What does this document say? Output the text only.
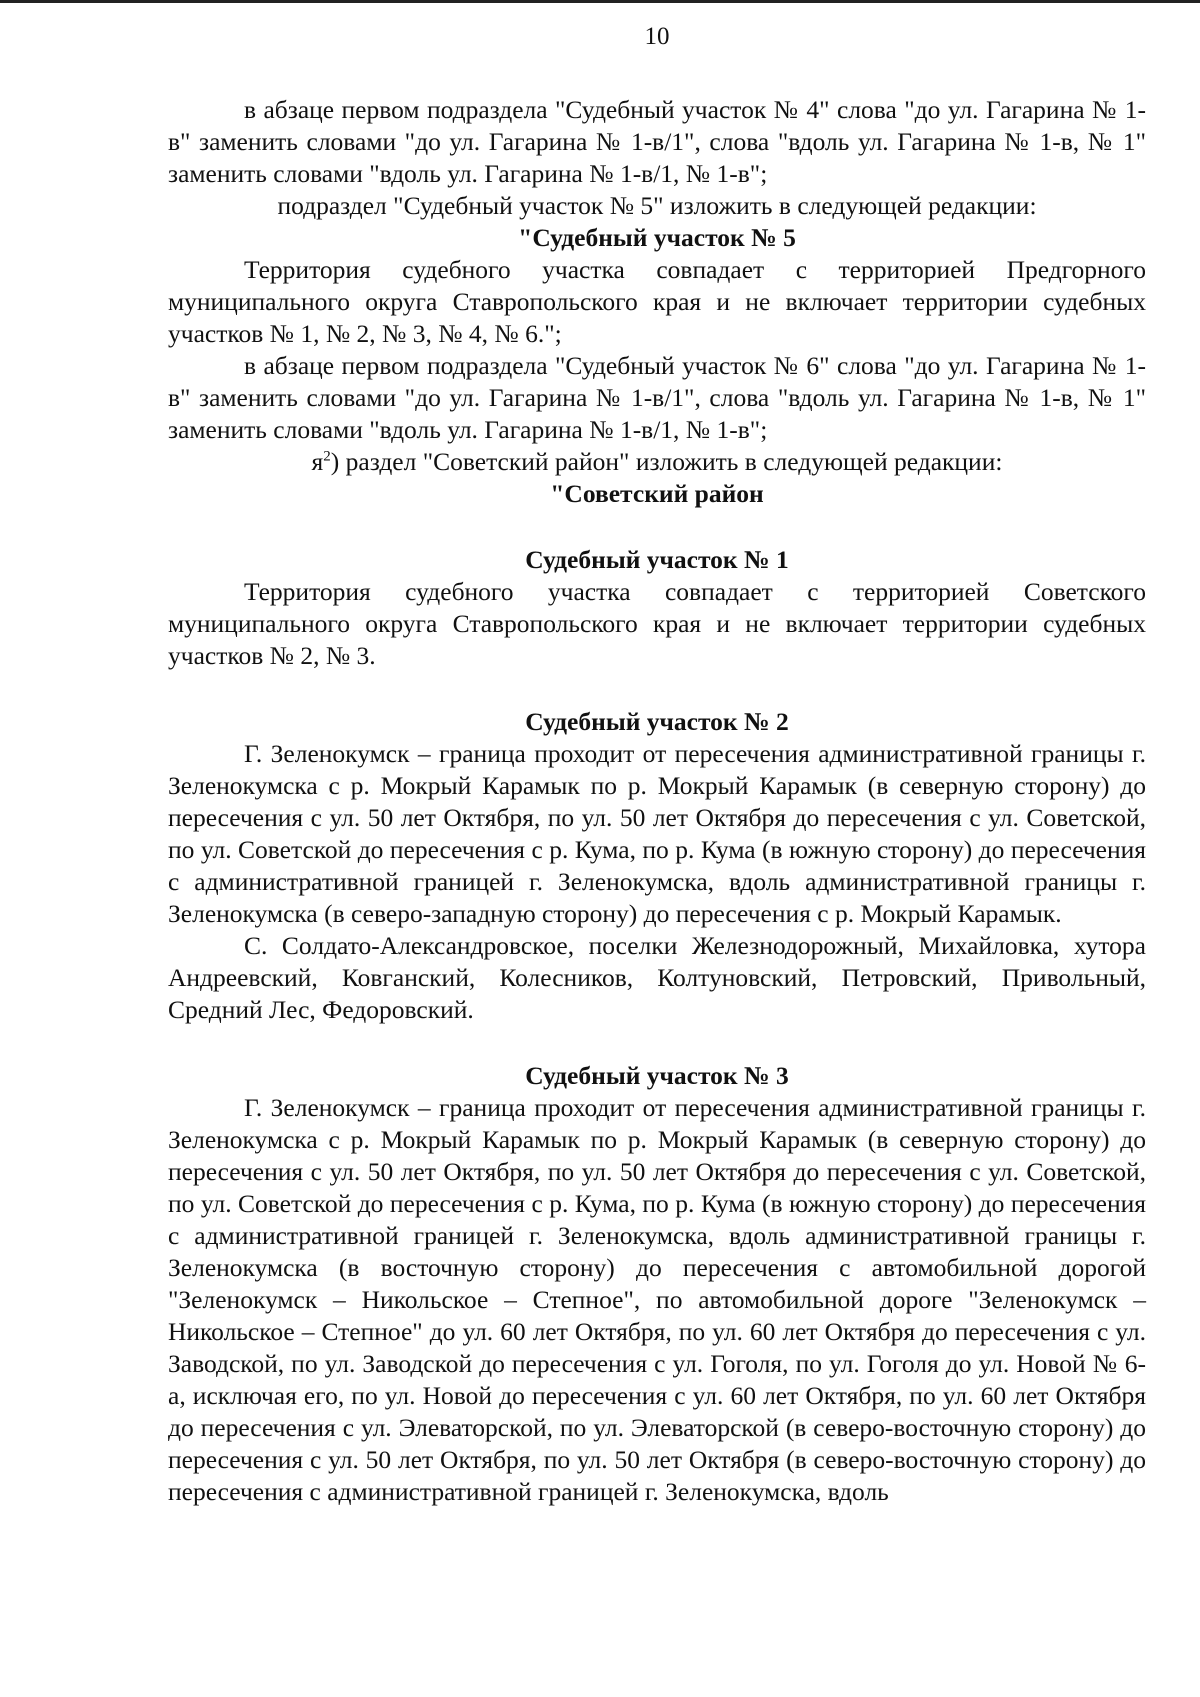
10

в абзаце первом подраздела "Судебный участок № 4" слова "до ул. Гагарина № 1-в" заменить словами "до ул. Гагарина № 1-в/1", слова "вдоль ул. Гагарина № 1-в, № 1" заменить словами "вдоль ул. Гагарина № 1-в/1, № 1-в";

подраздел "Судебный участок № 5" изложить в следующей редакции:

"Судебный участок № 5

Территория судебного участка совпадает с территорией Предгорного муниципального округа Ставропольского края и не включает территории судебных участков № 1, № 2, № 3, № 4, № 6.";

в абзаце первом подраздела "Судебный участок № 6" слова "до ул. Гагарина № 1-в" заменить словами "до ул. Гагарина № 1-в/1", слова "вдоль ул. Гагарина № 1-в, № 1" заменить словами "вдоль ул. Гагарина № 1-в/1, № 1-в";

$я^2$) раздел "Советский район" изложить в следующей редакции:

"Советский район
Судебный участок № 1

Территория судебного участка совпадает с территорией Советского муниципального округа Ставропольского края и не включает территории судебных участков № 2, № 3.

Судебный участок № 2

Г. Зеленокумск – граница проходит от пересечения административной границы г. Зеленокумска с р. Мокрый Карамык по р. Мокрый Карамык (в северную сторону) до пересечения с ул. 50 лет Октября, по ул. 50 лет Октября до пересечения с ул. Советской, по ул. Советской до пересечения с р. Кума, по р. Кума (в южную сторону) до пересечения с административной границей г. Зеленокумска, вдоль административной границы г. Зеленокумска (в северо-западную сторону) до пересечения с р. Мокрый Карамык.

С. Солдато-Александровское, поселки Железнодорожный, Михайловка, хутора Андреевский, Ковганский, Колесников, Колтуновский, Петровский, Привольный, Средний Лес, Федоровский.

Судебный участок № 3

Г. Зеленокумск – граница проходит от пересечения административной границы г. Зеленокумска с р. Мокрый Карамык по р. Мокрый Карамык (в северную сторону) до пересечения с ул. 50 лет Октября, по ул. 50 лет Октября до пересечения с ул. Советской, по ул. Советской до пересечения с р. Кума, по р. Кума (в южную сторону) до пересечения с административной границей г. Зеленокумска, вдоль административной границы г. Зеленокумска (в восточную сторону) до пересечения с автомобильной дорогой "Зеленокумск – Никольское – Степное", по автомобильной дороге "Зеленокумск – Никольское – Степное" до ул. 60 лет Октября, по ул. 60 лет Октября до пересечения с ул. Заводской, по ул. Заводской до пересечения с ул. Гоголя, по ул. Гоголя до ул. Новой № 6-а, исключая его, по ул. Новой до пересечения с ул. 60 лет Октября, по ул. 60 лет Октября до пересечения с ул. Элеваторской, по ул. Элеваторской (в северо-восточную сторону) до пересечения с ул. 50 лет Октября, по ул. 50 лет Октября (в северо-восточную сторону) до пересечения с административной границей г. Зеленокумска, вдоль
